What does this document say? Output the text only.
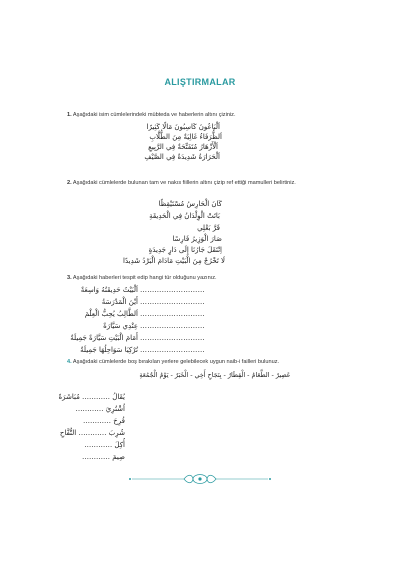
ALIŞTIRMALAR
1. Aşağıdaki isim cümlelerindeki mübteda ve haberlerin altını çiziniz.
اَلْبَاعُونَ كَاسِبُونَ مَالًا كَثِيرًا
اَلظُّرَفَاءُ غَالِيَةٌ مِنَ الطُّلَّابِ
اَلْأَزْهَارُ مُتَفَتِّحَةٌ فِي الرَّبِيعِ
اَلْحَرَارَةُ شَدِيدَةٌ فِي الصَّيْفِ
2. Aşağıdaki cümlelerde bulunan tam ve nakıs fiillerin altını çizip ref ettiği mamulleri belirtiniz.
كَانَ الْحَارِسُ مُسْتَيْقِظًا
بَاتَتْ الْوِلْدَانُ فِي الْحَدِيقَةِ
قَرَّ بَعْلِي
صَارَ الْوَزِيرُ فَارِسًا
اِنْتَقَلَ جَارُنَا إِلَى دَارٍ جَدِيدَةٍ
لَا تَخْرُجْ مِنَ الْبَيْتِ مَادَامَ الْبَرْدُ شَدِيدًا
3. Aşağıdaki haberleri tespit edip hangi tür olduğunu yazınız.
اَلْبَيْتُ حَدِيقَتُهُ وَاسِعَةٌ ………………………
أَيْنَ الْمَدْرَسَةُ ………………………
اَلطَّالِبُ يُحِبُّ الْعِلْمَ ………………………
عِنْدِي سَيَّارَةٌ ………………………
أَمَامَ الْبَيْتِ سَيَّارَةٌ جَمِيلَةٌ ………………………
تُرْكِيَا سَوَاحِلُهَا جَمِيلَةٌ ………………………
4. Aşağıdaki cümlelerde boş bırakılan yerlere gelebilecek uygun naib-i failleri bulunuz.
عَصِيرٌ - الطَّعَامُ - الْقِطَارُ - بِنَجَاحِ أَخِي - الْخَبَرُ - يَوْمُ الْجُمُعَةِ
يُقَالُ ………… مُبَاشَرَةً
اُشْتُرِيَ …………
فُرِحَ …………
شُرِبَ ………… التُّفَّاحِ
أُكِلَ …………
صِيمَ …………
